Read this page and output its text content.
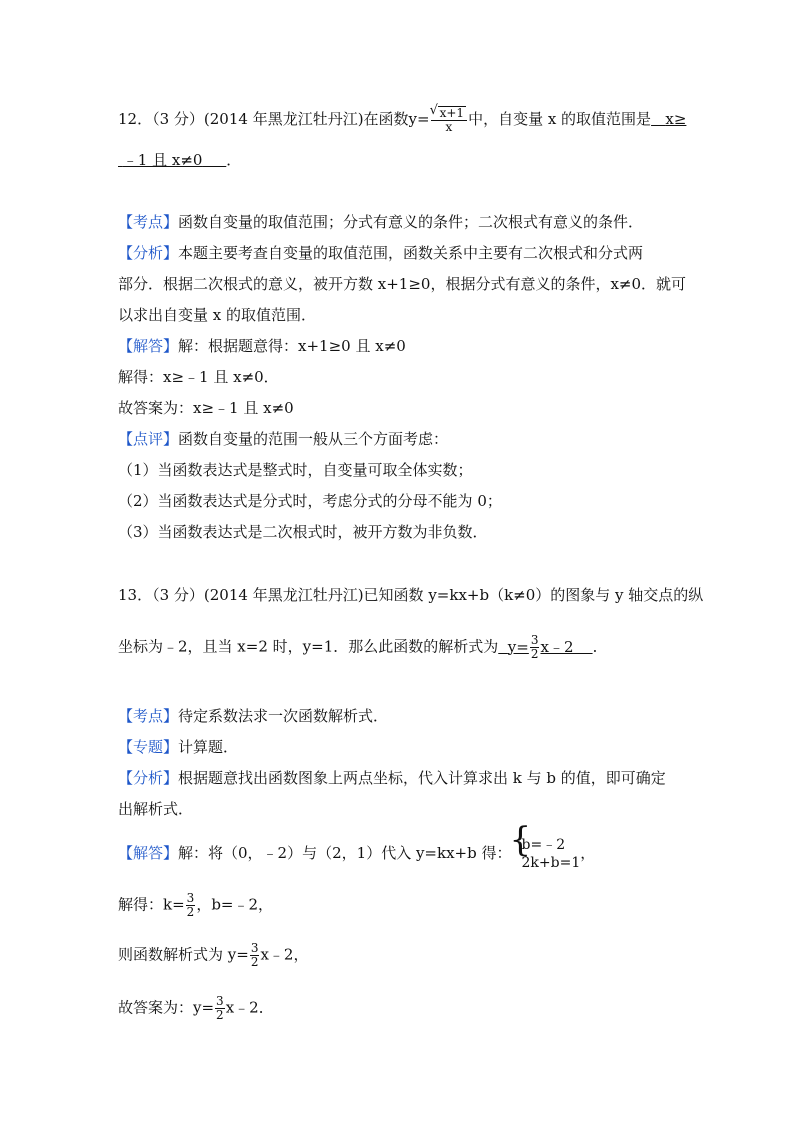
12．（3 分）(2014 年黑龙江牡丹江)在函数y= √ $\frac{x+1}{x}$ 中，自变量 x 的取值范围是 x≥
﹣1 且 x≠0 ．
【考点】函数自变量的取值范围；分式有意义的条件；二次根式有意义的条件．
【分析】本题主要考查自变量的取值范围，函数关系中主要有二次根式和分式两
部分．根据二次根式的意义，被开方数 x+1≥0，根据分式有意义的条件，x≠0．就可
以求出自变量 x 的取值范围．
【解答】解：根据题意得：x+1≥0 且 x≠0
解得：x≥﹣1 且 x≠0．
故答案为：x≥﹣1 且 x≠0
【点评】函数自变量的范围一般从三个方面考虑：
（1）当函数表达式是整式时，自变量可取全体实数；
（2）当函数表达式是分式时，考虑分式的分母不能为 0；
（3）当函数表达式是二次根式时，被开方数为非负数．
13．（3 分）(2014 年黑龙江牡丹江)已知函数 y=kx+b（k≠0）的图象与 y 轴交点的纵
坐标为﹣2，且当 x=2 时，y=1．那么此函数的解析式为 $y= \frac{3}{2}$ x﹣2 ．
【考点】待定系数法求一次函数解析式．
【专题】计算题．
【分析】根据题意找出函数图象上两点坐标，代入计算求出 k 与 b 的值，即可确定
出解析式．
【解答】解：将（0，﹣2）与（2，1）代入 y=kx+b 得： { b=﹣2
2k+b=1
，
解得：$k= \frac{3}{2}$ ，b=﹣2，
则函数解析式为 $y= \frac{3}{2}$ x﹣2，
故答案为：$y= \frac{3}{2}$ x﹣2．
